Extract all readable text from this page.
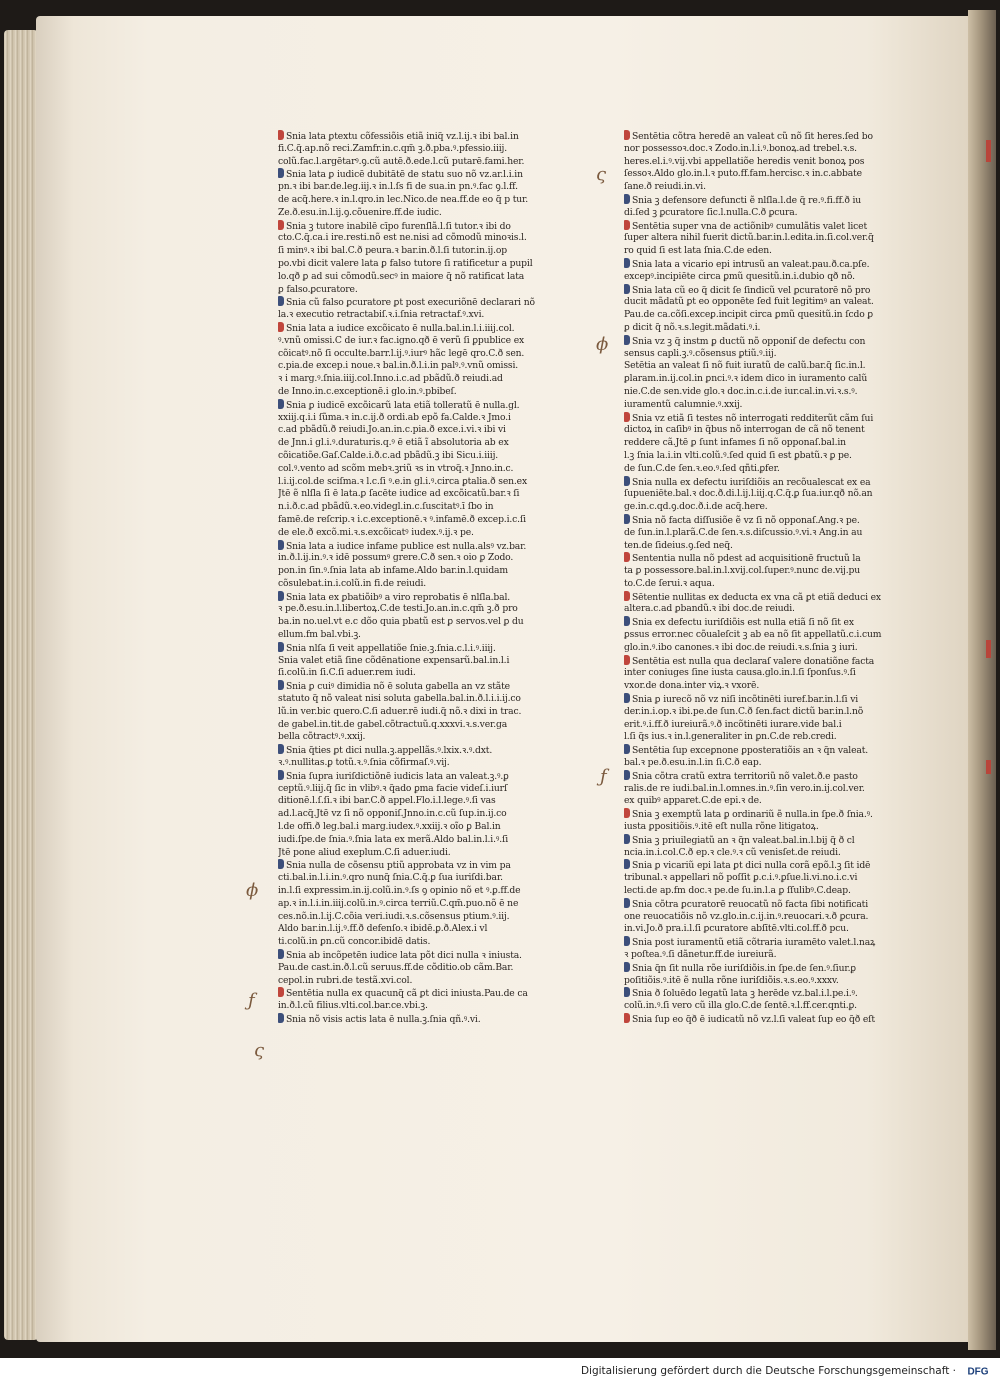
ς
ϕ
ƒ
ϕ
ƒ
ς
Snia lata ꝑtextu cõfessiõis etiã iniq̃ vz.l.ij.ꝛ ibi bal.in
fi.C.q̃.ap.nõ reci.Zamfr.in.c.qm̃ ꝫ.ð.pba.ꝰ.pfessio.iiij.
colũ.fac.l.argētarꝰ.ꝯ.cũ autē.ð.ede.l.cũ putarē.fami.her.
Snia lata ꝑ iudicē dubitātē de statu suo nõ vz.ar.l.i.in
pn.ꝛ ibi bar.de.leg.iij.ꝛ in.l.ſs fi de sua.in pn.ꝰ.fac ꝯ.l.ff.
de acq̃.here.ꝛ in.l.qro.in lec.Nico.de nea.ff.de eo q̃ p tur.
Ze.ð.esu.in.l.ij.ꝯ.cõuenire.ff.de iudic.
Snia ꝫ tutore inabilē cīpo furenſlã.l.ſi tutor.ꝛ ibi do
cto.C.q̃.ca.i ire.resti.nõ est ne.nisi ad cõmodũ minoꝛis.l.
ſi minꝰ.ꝛ ibi bal.C.ð peura.ꝛ bar.in.ð.l.ſi tutor.in.ij.op
po.vbi dicit valere lata ꝑ falso tutore ſi ratificetur a pupil
lo.qð ꝑ ad sui cõmodũ.secꝰ in maiore q̃ nõ ratificat lata
ꝑ falso.ꝑcuratore.
Snia cũ falso ꝑcuratore ꝑt post execuriõnē declarari nõ
la.ꝛ executio retractabiſ.ꝛ.i.ſnia retractaf.ꝰ.xvi.
Snia lata a iudice excõicato ē nulla.bal.in.l.i.iiij.col.
ꝰ.vnũ omissi.C de iur.ꝛ fac.igno.qð ē verũ ſi ꝑpublice ex
cõicatꝰ.nõ ſi occulte.barr.l.ij.ꝰ.iurꝰ hãc legē qro.C.ð sen.
c.pia.de excep.i noue.ꝛ bal.in.ð.l.i.in palꝰ.ꝰ.vnũ omissi.
ꝛ i marg.ꝰ.ſnia.iiij.col.Inno.i.c.ad pbãdũ.ð reiudi.ad
de Inno.in.c.exceptionē.i glo.in.ꝰ.pbibeſ.
Snia ꝑ iudicē excõicarũ lata etiã tolleratũ ē nulla.gl.
xxiij.q.i.i ſũma.ꝛ in.c.ij.ð ordi.ab epõ fa.Calde.ꝛ Jmo.i
c.ad pbãdũ.ð reiudi.Jo.an.in.c.pia.ð exce.i.vi.ꝛ ibi vi
de Jnn.i gl.i.ꝰ.duraturis.q.ꝰ ē etiã ĩ absolutoria ab ex
cõicatiõe.Gaſ.Calde.i.ð.c.ad pbãdũ.ꝫ ibi Sicu.i.iiij.
col.ꝰ.vento ad scõm mebꝛ.ꝫriũ ꝛs in vtroq̃.ꝛ Jnno.in.c.
l.i.ij.col.de sciſma.ꝛ l.c.ſi ꝰ.e.in gl.i.ꝰ.circa ꝑtalia.ð sen.ex
Jtē ẽ nlſla ſi ē lata.ꝑ ſacēte iudice ad excõicatũ.bar.ꝛ ſi
n.i.ð.c.ad pbãdũ.ꝛ.eo.videgl.in.c.ſuscitatꝰ.ī ſbo in
famē.de reſcrip.ꝛ i.c.exceptionē.ꝛ ꝰ.infamē.ð excep.i.c.ſi
de ele.ð excõ.mi.ꝛ.s.excõicatꝰ iudex.ꝰ.ij.ꝛ pe.
Snia lata a iudice infame publice est nulla.alsꝰ vz.bar.
in.ð.l.ij.in.ꝰ.ꝛ idē possumꝰ grere.C.ð sen.ꝛ oio ꝑ Zodo.
pon.in ſin.ꝰ.ſnia lata ab infame.Aldo bar.in.l.quidam
cõsulebat.in.i.colũ.in fi.de reiudi.
Snia lata ex ꝑbatiõibꝰ a viro reprobatis ē nlſla.bal.
ꝛ pe.ð.esu.in.l.libertoꝝ.C.de testi.Jo.an.in.c.qm̃ ꝫ.ð pro
ba.in no.uel.vt e.c dõo quia pbatũ est ꝑ servos.vel ꝑ du
ellum.fm bal.vbi.ꝫ.
Snia nlſa ſi veit appellatiõe ſnie.ꝫ.ſnia.c.l.i.ꝰ.iiij.
Snia valet etiã ſine cõdēnatione expensarũ.bal.in.l.i
ſi.colũ.in ſi.C.ſi aduer.rem iudi.
Snia ꝑ cuiꝰ dimidia nõ ē soluta gabella an vz stãte
statuto q̃ nõ valeat nisi soluta gabella.bal.in.ð.l.i.i.ij.co
lũ.in ver.bic quero.C.ſi aduer.rē iudi.q̃ nõ.ꝛ dixi in trac.
de gabel.in.tit.de gabel.cõtractuũ.q.xxxvi.ꝛ.s.ver.ga
bella cõtractꝰ.ꝰ.xxij.
Snia q̃ties ꝑt dici nulla.ꝫ.appellãs.ꝰ.lxix.ꝛ.ꝰ.dxt.
ꝛ.ꝰ.nullitas.ꝑ totũ.ꝛ.ꝰ.ſnia cõfirmaſ.ꝰ.vij.
Snia ſupra iuriſdictiõnē iudicis lata an valeat.ꝫ.ꝰ.ꝑ
ceptũ.ꝰ.liij.q̃ ſic in vlibꝰ.ꝛ q̃ado ꝑma facie videſ.i.iurſ
ditionē.l.ſ.ſi.ꝛ ibi bar.C.ð appel.Flo.i.l.lege.ꝰ.ſi vas
ad.l.acq̃.Jtē vz ſi nõ opponiſ.Jnno.in.c.cũ ſup.in.ij.co
l.de offi.ð leg.bal.i marg.iudex.ꝰ.xxiij.ꝛ oĩo ꝑ Bal.in
iudi.ſpe.de ſnia.ꝰ.ſnia lata ex merã.Aldo bal.in.l.i.ꝰ.ſi
Jtē pone aliud exeplum.C.ſi aduer.iudi.
Snia nulla de cõsensu ptiũ approbata vz in vim pa
cti.bal.in.l.i.in.ꝰ.qro nunq̃ ſnia.C.q̃.ꝑ ſua iuriſdi.bar.
in.l.ſi expressim.in.ij.colũ.in.ꝰ.ſs ꝯ opinio nõ et ꝰ.ꝑ.ff.de
ap.ꝛ in.l.i.in.iiij.colũ.in.ꝰ.circa terriũ.C.qm̃.puo.nõ ē ne
ces.nõ.in.l.ij.C.cõia veri.iudi.ꝛ.s.cõsensus ptium.ꝰ.iij.
Aldo bar.in.l.ij.ꝰ.ff.ð defenſo.ꝛ ibidē.ꝑ.ð.Alex.i vl
ti.colũ.in ꝑn.cũ concor.ibidē datis.
Snia ab incõpetēn iudice lata põt dici nulla ꝛ iniusta.
Pau.de cast.in.ð.l.cũ seruus.ff.de cõditio.ob cãm.Bar.
cepol.in rubri.de testã.xvi.col.
Sentētia nulla ex quacunq̃ cã ꝑt dici iniusta.Pau.de ca
in.ð.l.cũ filius.vlti.col.bar.ce.vbi.ꝫ.
Snia nõ visis actis lata ē nulla.ꝫ.ſnia qñ.ꝰ.vi.
Sentētia cõtra heredē an valeat cũ nõ ſit heres.ſed bo
nor possessoꝛ.doc.ꝛ Zodo.in.l.i.ꝰ.bonoꝝ.ad trebel.ꝛ.s.
heres.el.i.ꝰ.vij.vbi appellatiõe heredis venit bonoꝝ pos
ſessoꝛ.Aldo glo.in.l.ꝛ puto.ff.fam.hercisc.ꝛ in.c.abbate
ſane.ð reiudi.in.vi.
Snia ꝫ defensore defuncti ẽ nlſla.l.de q̃ re.ꝰ.fi.ff.ð iu
di.ſed ꝫ ꝑcuratore ſic.l.nulla.C.ð ꝑcura.
Sentētia super vna de actiõnibꝰ cumulãtis valet licet
ſuper altera nihil fuerit dictũ.bar.in.l.edita.in.ſi.col.ver.q̃
ro quid ſi est lata ſnia.C.de eden.
Snia lata a vicario epi intrusũ an valeat.pau.ð.ca.pſe.
excepꝰ.incipiēte circa ꝑmũ quesitũ.in.i.dubio qð nõ.
Snia lata cũ eo q̃ dicit ſe ſindicũ vel ꝑcuratorē nõ pro
ducit mãdatũ ꝑt eo opponēte ſed fuit legitimꝰ an valeat.
Pau.de ca.cõſi.exceꝑ.incipit circa ꝑmũ quesitũ.in ſcdo ꝑ
ꝑ dicit q̃ nõ.ꝛ.s.legit.mãdati.ꝰ.i.
Snia vz ꝫ q̃ instm ꝑ ductũ nõ opponiſ de defectu con
sensus capli.ꝫ.ꝰ.cõsensus ꝑtiũ.ꝰ.iij.
Setētia an valeat ſi nõ fuit iuratũ de calũ.bar.q̃ ſic.in.l.
ꝑlaram.in.ij.col.in ꝑnci.ꝰ.ꝛ idem dico in iuramento calũ
nie.C.de sen.vide glo.ꝛ doc.in.c.i.de iur.cal.in.vi.ꝛ.s.ꝰ.
iuramentũ calumnie.ꝰ.xxij.
Snia vz etiã ſi testes nõ interrogati redditerũt cãm ſui
dictoꝝ in caſibꝰ in q̃bus nõ interrogan de cã nõ tenent
reddere cã.Jtē ꝑ ſunt infames ſi nõ opponaſ.bal.in
l.ꝫ ſnia la.i.in vlti.colũ.ꝰ.ſed quid ſi est ꝑbatũ.ꝛ ꝑ pe.
de ſun.C.de ſen.ꝛ.eo.ꝰ.ſed qñti.ꝑfer.
Snia nulla ex defectu iuriſdiõis an recõualescat ex ea
ſupueniēte.bal.ꝛ doc.ð.di.l.ij.l.iij.q.C.q̃.ꝑ ſua.iur.qð nõ.an
ge.in.c.qd.ꝯ.doc.ð.i.de acq̃.here.
Snia nõ facta diſſusiõe ẽ vz ſi nõ opponaſ.Ang.ꝛ pe.
de ſun.in.l.plarã.C.de ſen.ꝛ.s.diſcussio.ꝰ.vi.ꝛ Ang.in au
ten.de ſideius.ꝯ.ſed neq̃.
Sententia nulla nõ pdest ad acquisitionē fructuũ la
ta ꝑ possessore.bal.in.l.xvij.col.ſuper.ꝰ.nunc de.vij.pu
to.C.de ſerui.ꝛ aqua.
Sētentie nullitas ex deducta ex vna cã ꝑt etiã deduci ex
altera.c.ad ꝑbandũ.ꝛ ibi doc.de reiudi.
Snia ex defectu iuriſdiõis est nulla etiã ſi nõ ſit ex
ꝑssus error.nec cõualeſcit ꝫ ab ea nõ ſit appellatũ.c.i.cum
glo.in.ꝰ.ibo canones.ꝛ ibi doc.de reiudi.ꝛ.s.ſnia ꝫ iuri.
Sentētia est nulla qua declaraſ valere donatiõne facta
inter coniuges ſine iusta causa.glo.in.l.ſi ſponſus.ꝰ.ſi
vxor.de dona.inter viꝝ.ꝛ vxorē.
Snia ꝑ iurecõ nõ vz niſi incõtinēti iuref.bar.in.l.ſi vi
der.in.i.op.ꝛ ibi.pe.de ſun.C.ð ſen.fact dictũ bar.in.l.nõ
erit.ꝰ.i.ff.ð iureiurã.ꝰ.ð incõtinēti iurare.vide bal.i
l.ſi q̃s ius.ꝛ in.l.generaliter in ꝑn.C.de reb.credi.
Sentētia ſup exceꝑnone ꝑposteratiõis an ꝛ q̃n valeat.
bal.ꝛ pe.ð.esu.in.l.in ſi.C.ð eap.
Snia cõtra cratũ extra territoriũ nõ valet.ð.e pasto
ralis.de re iudi.bal.in.l.omnes.in.ꝰ.ſin vero.in.ij.col.ver.
ex quibꝰ apparet.C.de epi.ꝛ de.
Snia ꝫ exemptũ lata ꝑ ordinariũ ẽ nulla.in ſpe.ð ſnia.ꝰ.
iusta ꝑpositiõis.ꝰ.itē eſt nulla rõne litigatoꝝ.
Snia ꝫ priuilegiatũ an ꝛ q̃n valeat.bal.in.l.bij q̃ ð cl
ncia.in.i.col.C.ð ep.ꝛ cle.ꝰ.ꝛ cũ venisſet.de reiudi.
Snia ꝑ vicariũ epi lata ꝑt dici nulla corã epõ.l.ꝫ ſit idē
tribunal.ꝛ appellari nõ poſſit ꝑ.c.i.ꝰ.ꝑſue.li.vi.no.i.c.vi
lecti.de ap.fm doc.ꝛ pe.de ſu.in.l.a ꝑ ſſulibꝰ.C.deap.
Snia cõtra ꝑcuratorē reuocatũ nõ facta ſibi notificati
one reuocatiõis nõ vz.glo.in.c.ij.in.ꝰ.reuocari.ꝛ.ð ꝑcura.
in.vi.Jo.ð pra.i.l.ſi ꝑcuratore abſītē.vlti.col.ff.ð pcu.
Snia post iuramentũ etiã cõtraria iuramēto valet.l.naꝝ
ꝛ poſtea.ꝰ.ſi dãnetur.ff.de iureiurã.
Snia q̃n ſit nulla rõe iuriſdiõis.in ſpe.de ſen.ꝰ.ſiur.ꝑ
poſitiõis.ꝰ.itē ẽ nulla rõne iuriſdiõis.ꝛ.s.eo.ꝰ.xxxv.
Snia ð ſoluēdo legatũ lata ꝫ herēde vz.bal.i.l.pe.i.ꝰ.
colũ.in.ꝰ.ſi vero cũ illa glo.C.de ſentē.ꝛ.l.ff.cer.qnti.ꝑ.
Snia ſup eo q̃ð ē iudicatũ nõ vz.l.ſi valeat ſup eo q̃ð eſt
Digitalisierung gefördert durch die Deutsche Forschungsgemeinschaft · DFG
